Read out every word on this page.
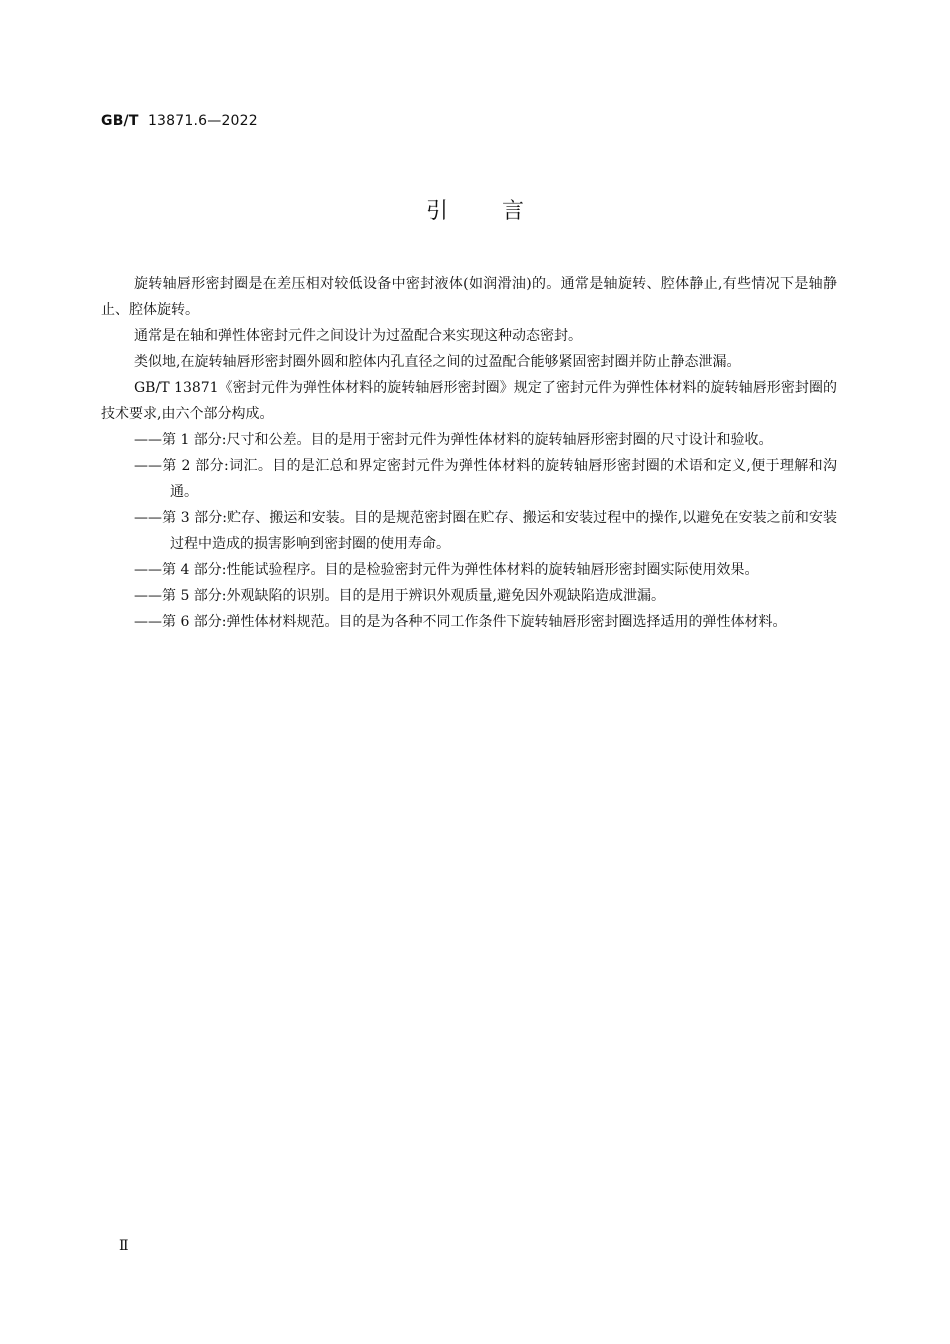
GB/T 13871.6—2022
引言

旋转轴唇形密封圈是在差压相对较低设备中密封液体(如润滑油)的。通常是轴旋转、腔体静止,有些情况下是轴静止、腔体旋转。

通常是在轴和弹性体密封元件之间设计为过盈配合来实现这种动态密封。

类似地,在旋转轴唇形密封圈外圆和腔体内孔直径之间的过盈配合能够紧固密封圈并防止静态泄漏。

GB/T 13871《密封元件为弹性体材料的旋转轴唇形密封圈》规定了密封元件为弹性体材料的旋转轴唇形密封圈的技术要求,由六个部分构成。

——第 1 部分:尺寸和公差。目的是用于密封元件为弹性体材料的旋转轴唇形密封圈的尺寸设计和验收。
——第 2 部分:词汇。目的是汇总和界定密封元件为弹性体材料的旋转轴唇形密封圈的术语和定义,便于理解和沟通。
——第 3 部分:贮存、搬运和安装。目的是规范密封圈在贮存、搬运和安装过程中的操作,以避免在安装之前和安装过程中造成的损害影响到密封圈的使用寿命。
——第 4 部分:性能试验程序。目的是检验密封元件为弹性体材料的旋转轴唇形密封圈实际使用效果。
——第 5 部分:外观缺陷的识别。目的是用于辨识外观质量,避免因外观缺陷造成泄漏。
——第 6 部分:弹性体材料规范。目的是为各种不同工作条件下旋转轴唇形密封圈选择适用的弹性体材料。
Ⅱ
